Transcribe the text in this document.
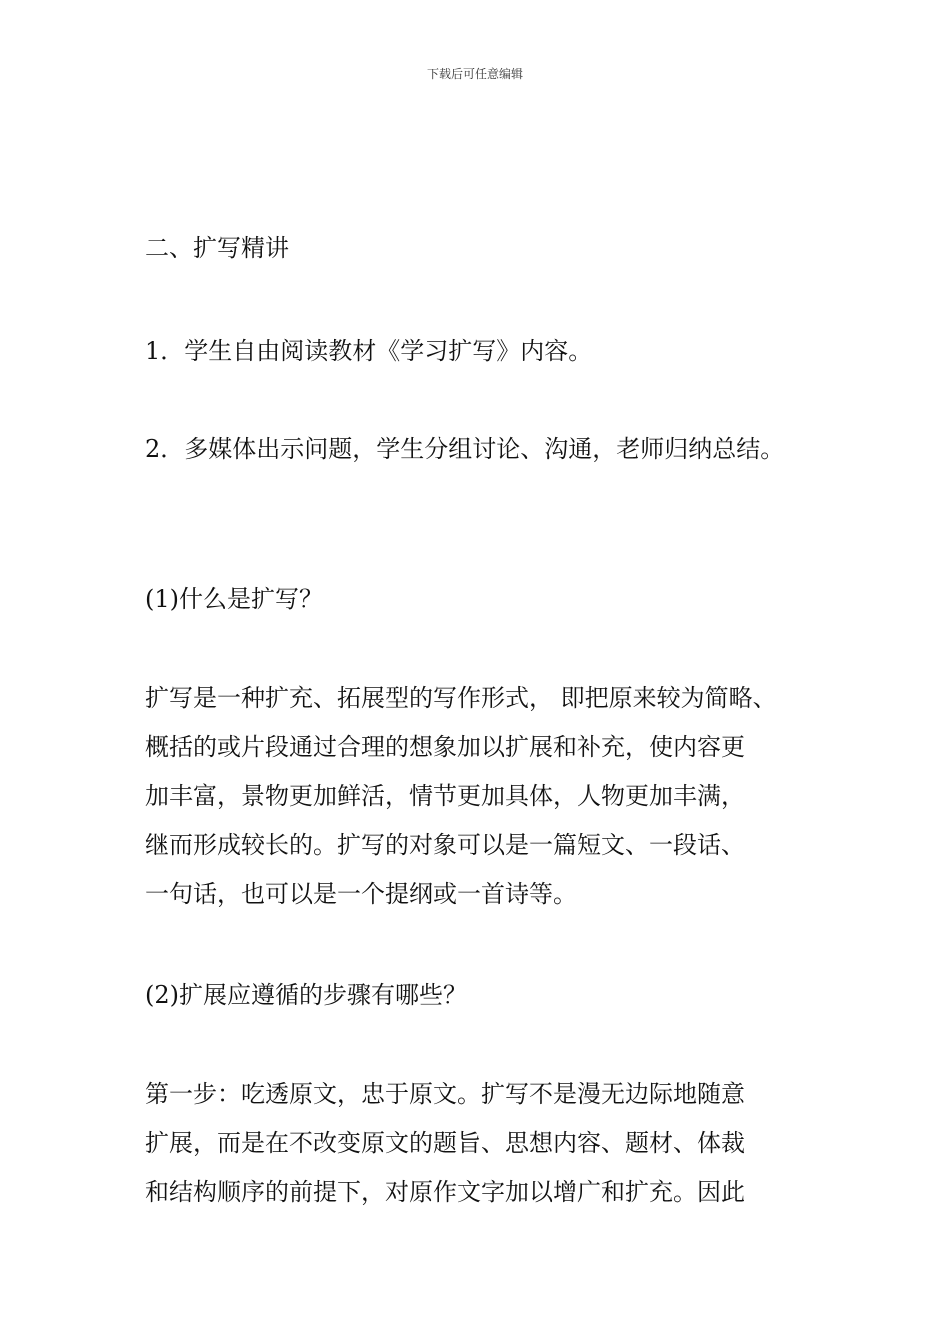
下载后可任意编辑
二、扩写精讲
1．学生自由阅读教材《学习扩写》内容。
2．多媒体出示问题，学生分组讨论、沟通，老师归纳总结。
(1)什么是扩写？
扩写是一种扩充、拓展型的写作形式， 即把原来较为简略、
概括的或片段通过合理的想象加以扩展和补充，使内容更
加丰富，景物更加鲜活，情节更加具体，人物更加丰满，
继而形成较长的。扩写的对象可以是一篇短文、一段话、
一句话，也可以是一个提纲或一首诗等。
(2)扩展应遵循的步骤有哪些？
第一步：吃透原文，忠于原文。扩写不是漫无边际地随意
扩展，而是在不改变原文的题旨、思想内容、题材、体裁
和结构顺序的前提下，对原作文字加以增广和扩充。因此
